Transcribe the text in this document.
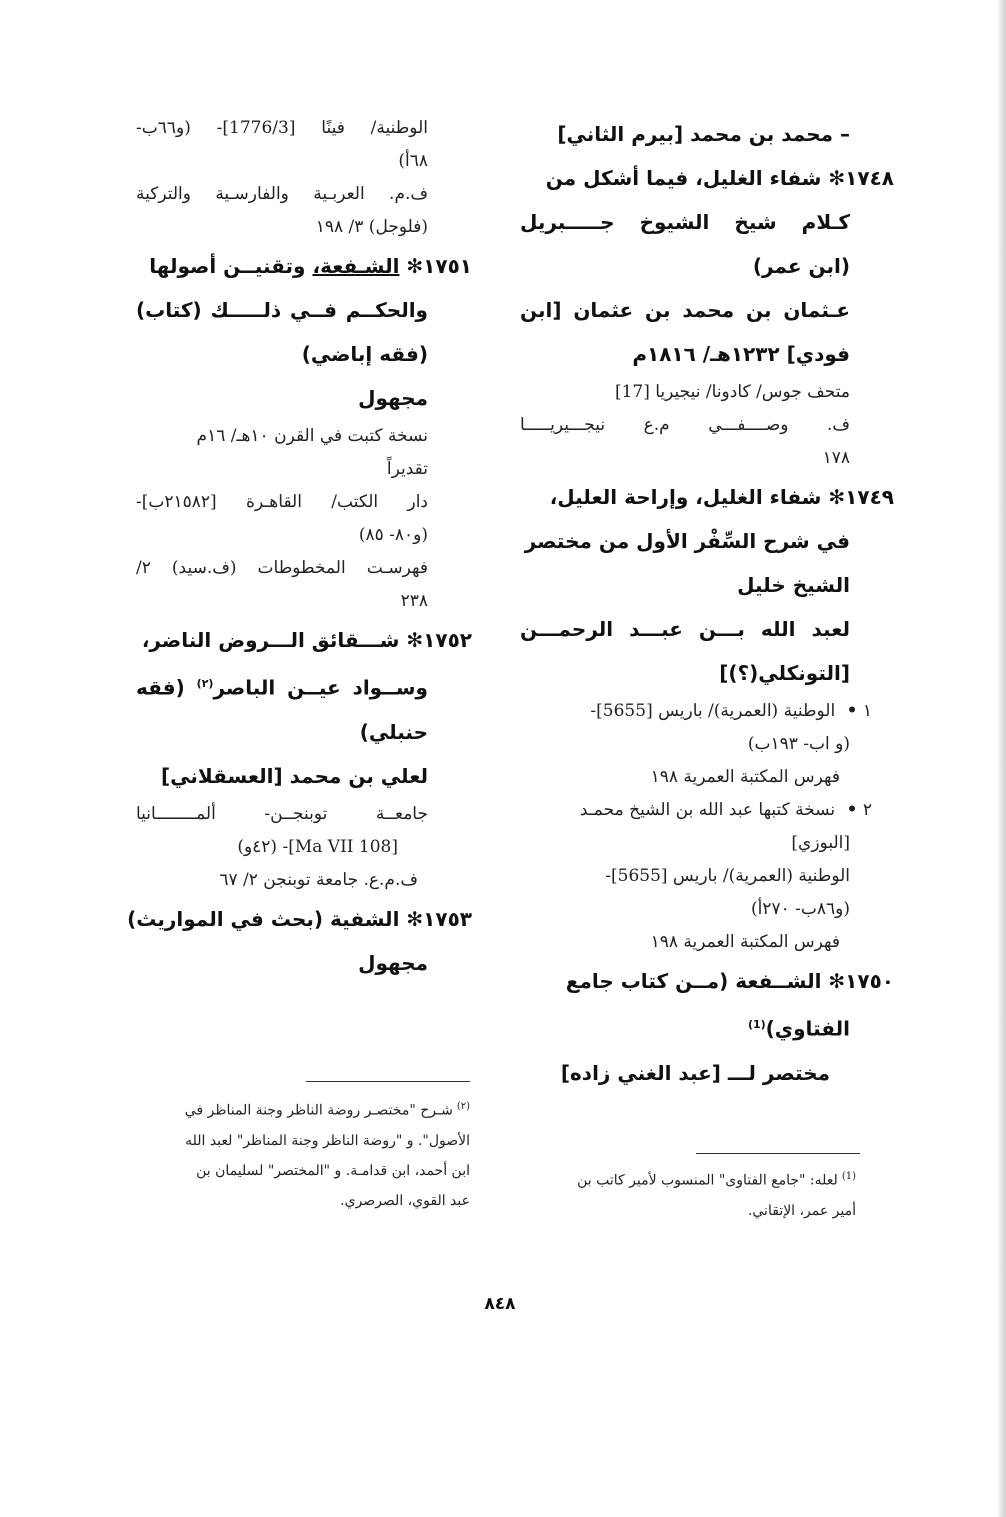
– محمد بن محمد [بيرم الثاني]
١٧٤٨✻ شفاء الغليل، فيما أشكل من
كـلام شيخ الشيوخ جـــــبريل
(ابن عمر)
عـثمان بن محمد بن عثمان [ابن
فودي] ١٢٣٢هـ/ ١٨١٦م
متحف جوس/ كادونا/ نيجيريا [17]
ف. وصــــفـــي م.ع نيجـــيريـــــا
١٧٨
١٧٤٩✻ شفاء الغليل، وإراحة العليل،
في شرح السِّفْر الأول من مختصر
الشيخ خليل
لعبد الله بـــن عبـــد الرحمـــن
[التونكلي(؟)]
١ • الوطنية (العمرية)/ باريس [5655]-
(و اب- ١٩٣ب)
فهرس المكتبة العمرية ١٩٨
٢ • نسخة كتبها عبد الله بن الشيخ محمـد
[البوزي]
الوطنية (العمرية)/ باريس [5655]-
(و٨٦ب- ٢٧٠أ)
فهرس المكتبة العمرية ١٩٨
١٧٥٠✻ الشــفعة (مــن كتاب جامع
الفتاوي)$^{(1)}$
مختصر لـــ [عبد الغني زاده]
الوطنية/ فينًا [1776/3]- (و٦٦ب-
٦٨أ)
ف.م. العربـية والفارسـية والتركية
(فلوجل) ٣/ ١٩٨
١٧٥١✻ الشـفعة، وتقنيــن أصولها
والحكــم فــي ذلـــــك (كتاب)
(فقه إباضي)
مجهول
نسخة كتبت في القرن ١٠هـ/ ١٦م
تقديراً
دار الكتب/ القاهـرة [٢١٥٨٢ب]-
(و٨٠- ٨٥)
فهرسـت المخطوطات (ف.سيد) ٢/
٢٣٨
١٧٥٢✻ شـــقائق الـــروض الناضر،
وســواد عيــن الباصر$^{(٢)}$ (فقه
حنبلي)
لعلي بن محمد [العسقلاني]
جامعــة توبنجــن- ألمــــــــانيا
[Ma VII 108]- (٤٢و)
ف.م.ع. جامعة توبنجن ٢/ ٦٧
١٧٥٣✻ الشفية (بحث في المواريث)
مجهول
$^{(٢)}$شـرح "مختصـر روضة الناظر وجنة المناظر في
الأصول". و "روضة الناظر وجنة المناظر" لعبد الله
ابن أحمد، ابن قدامـة. و "المختصر" لسليمان بن
عبد القوي، الصرصري.
$^{(1)}$لعله: "جامع الفتاوى" المنسوب لأمير كاتب بن
أمير عمر، الإتقاني.
٨٤٨
